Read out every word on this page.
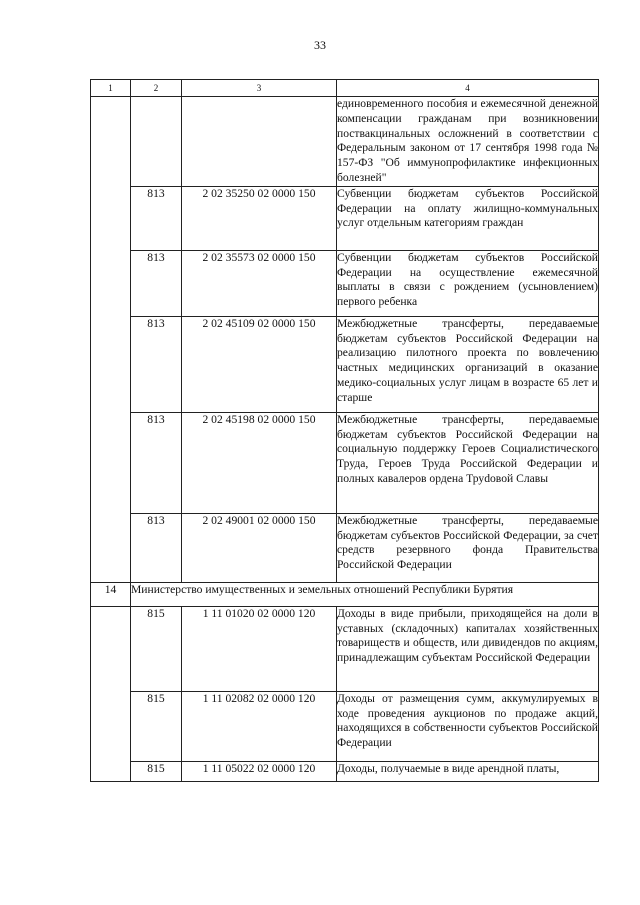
33
1	2	3	4
			единовременного пособия и ежемесячной денежной компенсации гражданам при возникновении поствакцинальных осложнений в соответствии с Федеральным законом от 17 сентября 1998 года № 157-ФЗ "Об иммунопрофилактике инфекционных болезней"
	813	2 02 35250 02 0000 150	Субвенции бюджетам субъектов Российской Федерации на оплату жилищно-коммунальных услуг отдельным категориям граждан
	813	2 02 35573 02 0000 150	Субвенции бюджетам субъектов Российской Федерации на осуществление ежемесячной выплаты в связи с рождением (усыновлением) первого ребенка
	813	2 02 45109 02 0000 150	Межбюджетные трансферты, передаваемые бюджетам субъектов Российской Федерации на реализацию пилотного проекта по вовлечению частных медицинских организаций в оказание медико-социальных услуг лицам в возрасте 65 лет и старше
	813	2 02 45198 02 0000 150	Межбюджетные трансферты, передаваемые бюджетам субъектов Российской Федерации на социальную поддержку Героев Социалистического Труда, Героев Труда Российской Федерации и полных кавалеров ордена Труdовой Славы
	813	2 02 49001 02 0000 150	Межбюджетные трансферты, передаваемые бюджетам субъектов Российской Федерации, за счет средств резервного фонда Правительства Российской Федерации
14	Министерство имущественных и земельных отношений Республики Бурятия		
	815	1 11 01020 02 0000 120	Доходы в виде прибыли, приходящейся на доли в уставных (складочных) капиталах хозяйственных товариществ и обществ, или дивидендов по акциям, принадлежащим субъектам Российской Федерации
	815	1 11 02082 02 0000 120	Доходы от размещения сумм, аккумулируемых в ходе проведения аукционов по продаже акций, находящихся в собственности субъектов Российской Федерации
	815	1 11 05022 02 0000 120	Доходы, получаемые в виде арендной платы,
